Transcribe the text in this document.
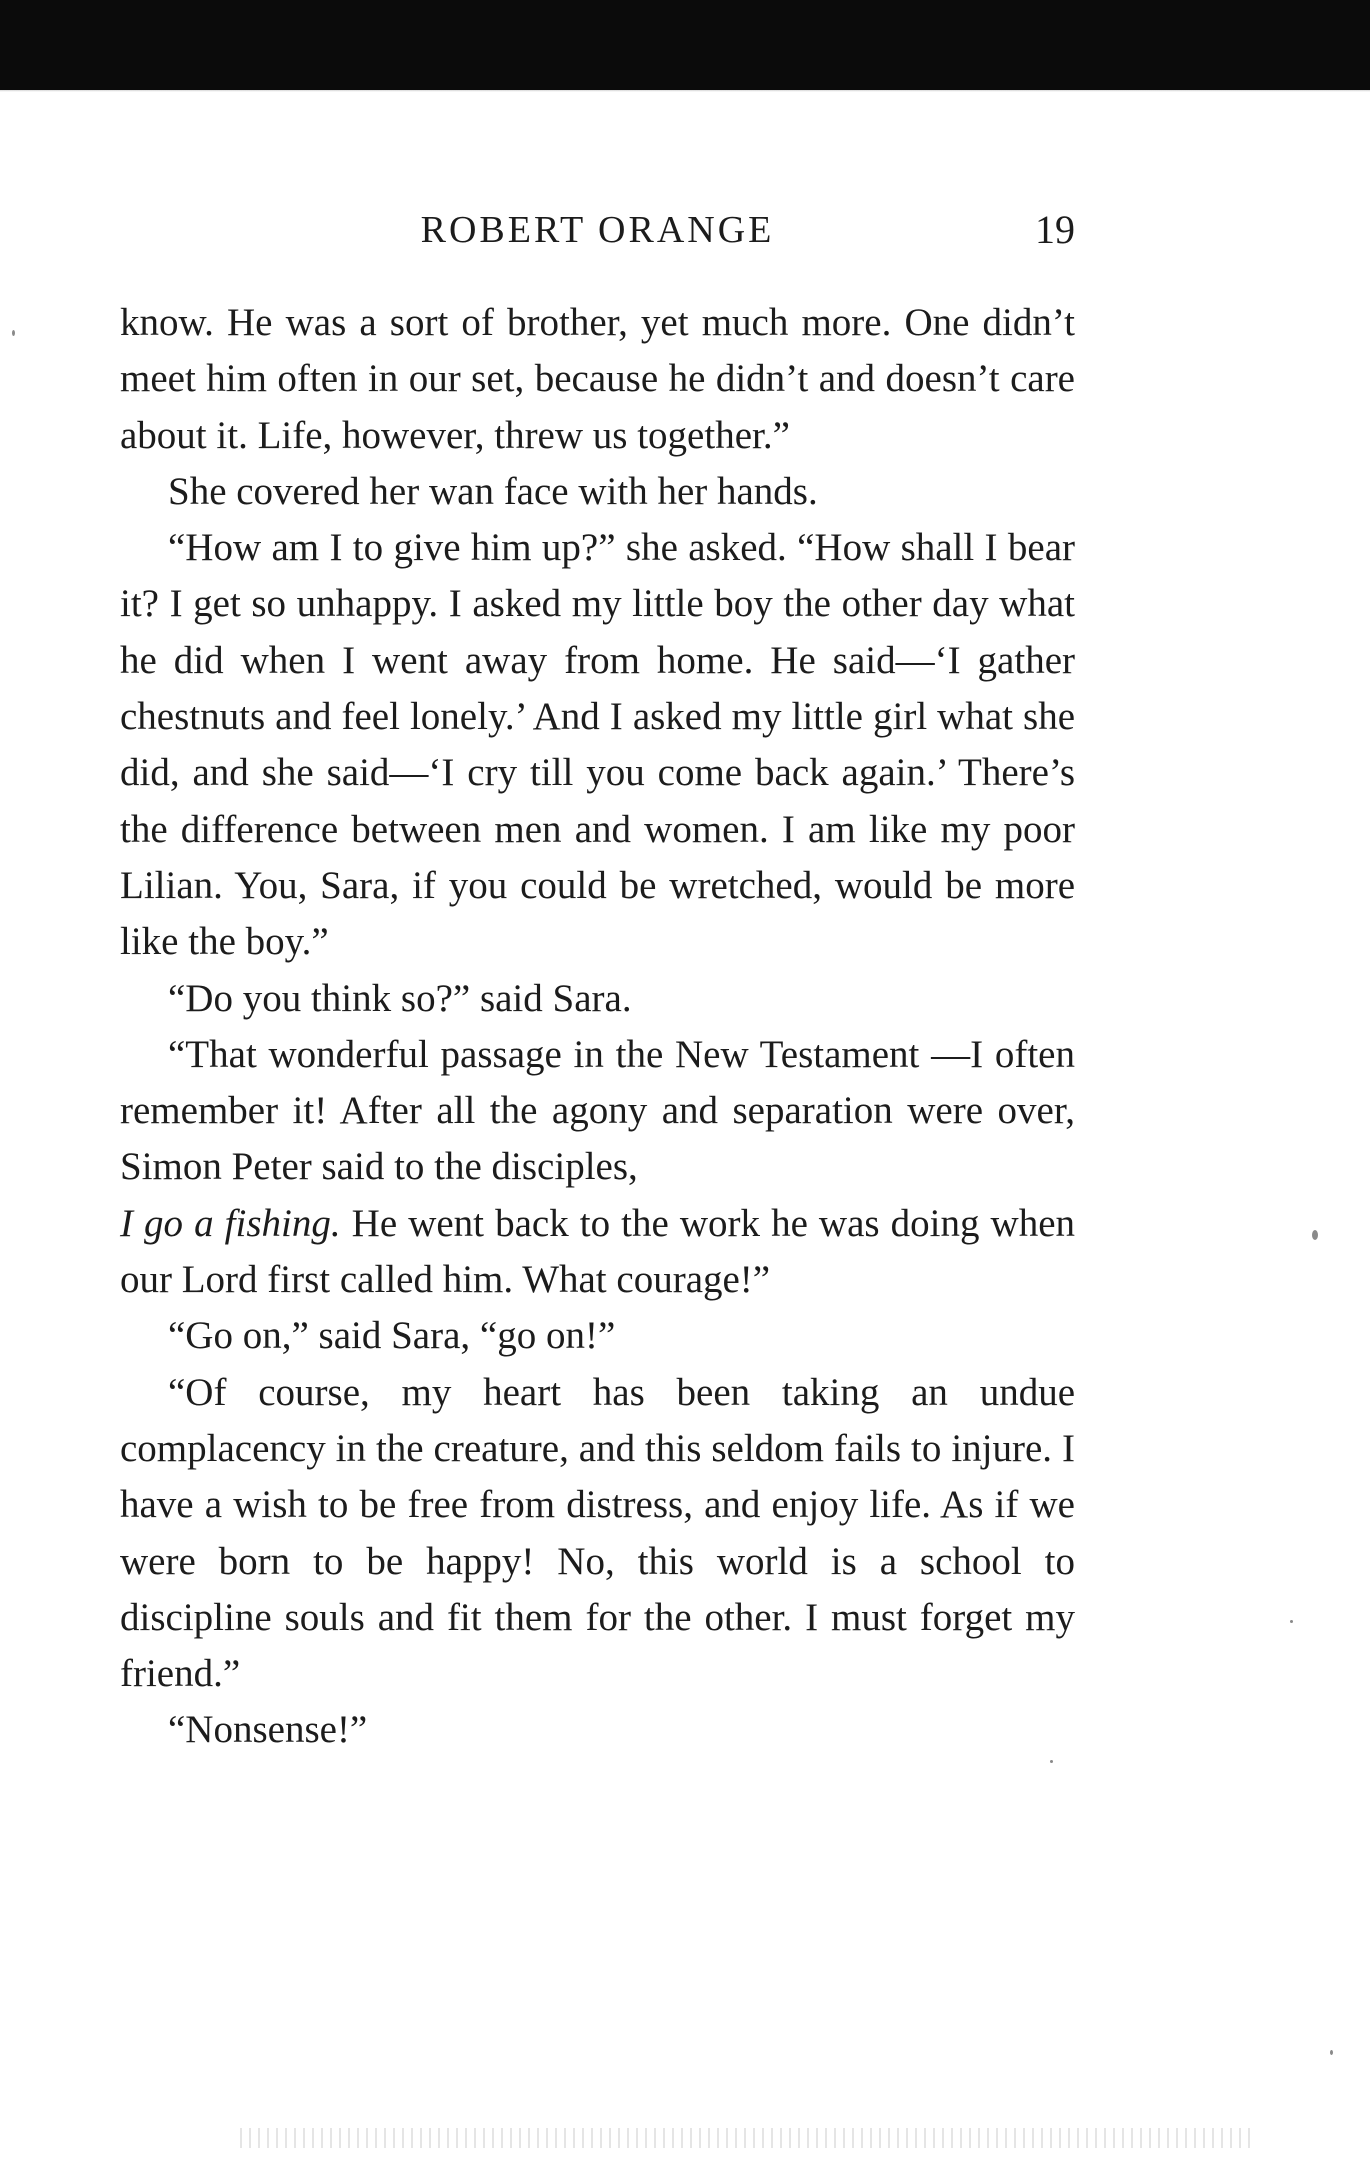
ROBERT ORANGE	19

know. He was a sort of brother, yet much more. One didn’t meet him often in our set, because he didn’t and doesn’t care about it. Life, however, threw us together.”

She covered her wan face with her hands.

“How am I to give him up?” she asked. “How shall I bear it? I get so unhappy. I asked my little boy the other day what he did when I went away from home. He said—‘I gather chestnuts and feel lonely.’ And I asked my little girl what she did, and she said—‘I cry till you come back again.’ There’s the difference between men and women. I am like my poor Lilian. You, Sara, if you could be wretched, would be more like the boy.”

“Do you think so?” said Sara.

“That wonderful passage in the New Testament —I often remember it! After all the agony and separation were over, Simon Peter said to the disciples,

I go a fishing. He went back to the work he was doing when our Lord first called him. What courage!”

“Go on,” said Sara, “go on!”

“Of course, my heart has been taking an undue complacency in the creature, and this seldom fails to injure. I have a wish to be free from distress, and enjoy life. As if we were born to be happy! No, this world is a school to discipline souls and fit them for the other. I must forget my friend.”

“Nonsense!”
